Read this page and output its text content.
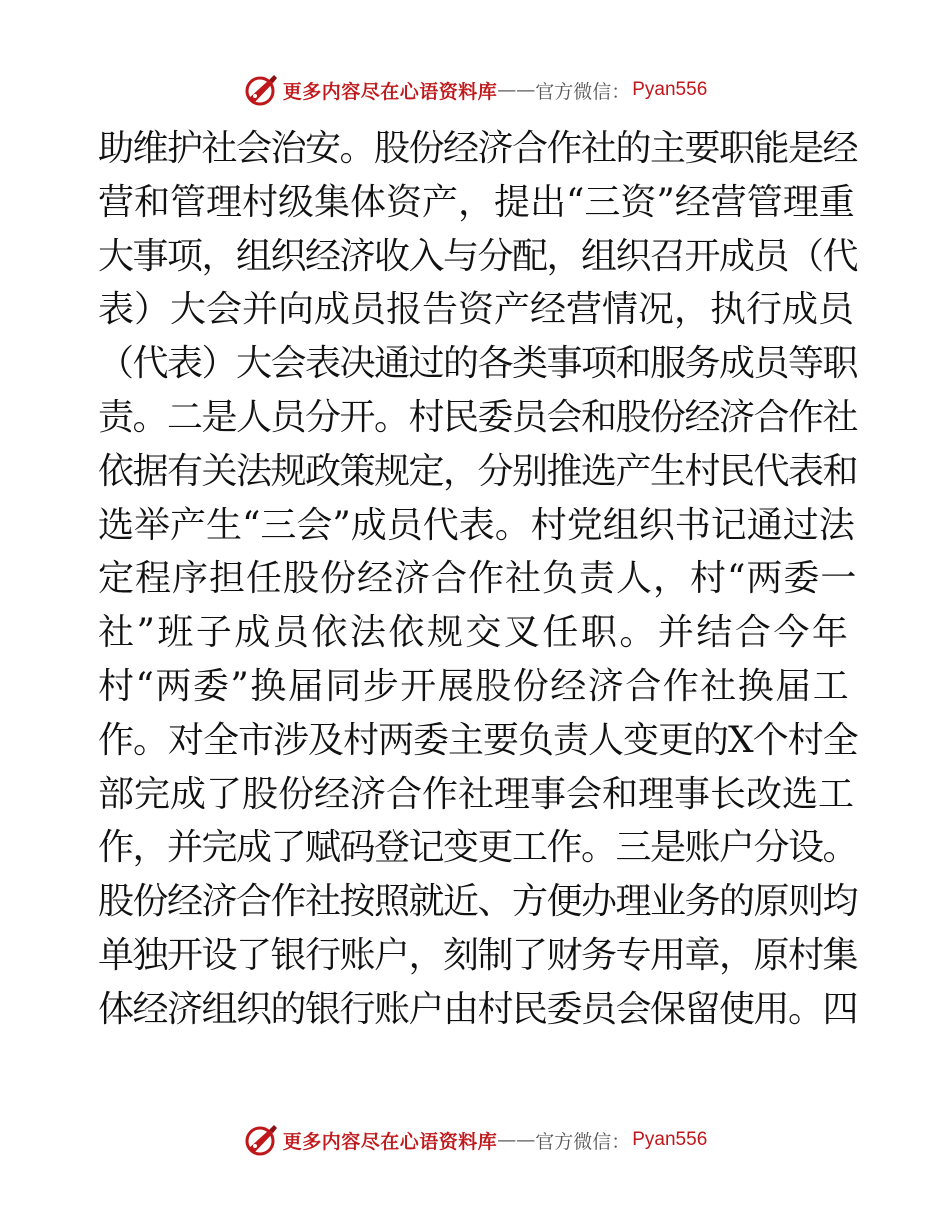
更多内容尽在心语资料库 —— 官方微信： Pyan556
助维护社会治安。股份经济合作社的主要职能是经
营和管理村级集体资产，提出“三资”经营管理重
大事项，组织经济收入与分配，组织召开成员（代
表）大会并向成员报告资产经营情况，执行成员
（代表）大会表决通过的各类事项和服务成员等职
责。二是人员分开。村民委员会和股份经济合作社
依据有关法规政策规定，分别推选产生村民代表和
选举产生“三会”成员代表。村党组织书记通过法
定程序担任股份经济合作社负责人，村“两委一
社”班子成员依法依规交叉任职。并结合今年
村“两委”换届同步开展股份经济合作社换届工
作。对全市涉及村两委主要负责人变更的X个村全
部完成了股份经济合作社理事会和理事长改选工
作，并完成了赋码登记变更工作。三是账户分设。
股份经济合作社按照就近、方便办理业务的原则均
单独开设了银行账户，刻制了财务专用章，原村集
体经济组织的银行账户由村民委员会保留使用。四
更多内容尽在心语资料库 —— 官方微信： Pyan556
